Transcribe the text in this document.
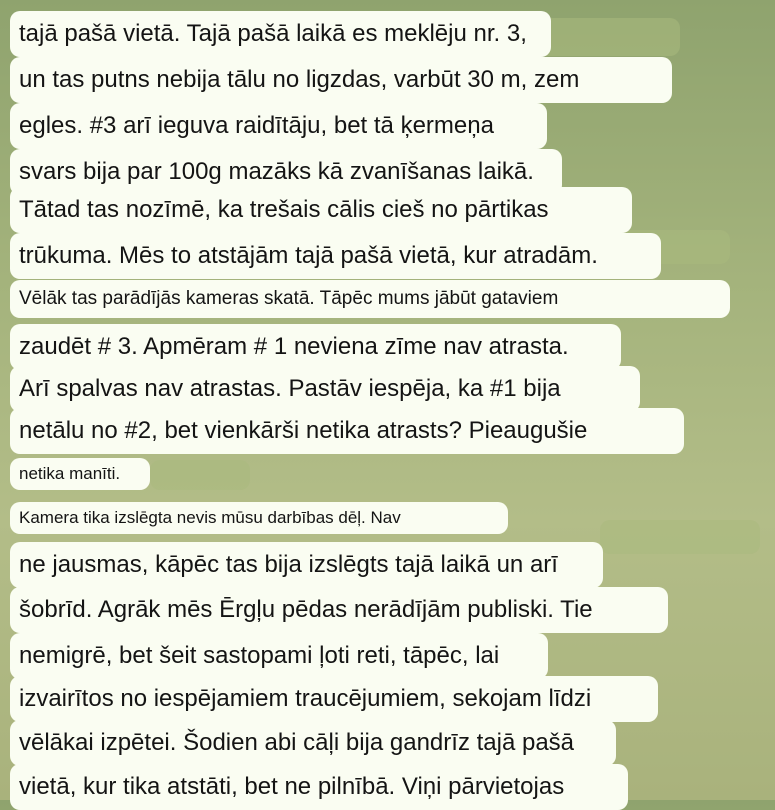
tajā pašā vietā. Tajā pašā laikā es meklēju nr. 3,
un tas putns nebija tālu no ligzdas, varbūt 30 m, zem
egles. #3 arī ieguva raidītāju, bet tā ķermeņa
svars bija par 100g mazāks kā zvanīšanas laikā.
Tātad tas nozīmē, ka trešais cālis cieš no pārtikas
trūkuma. Mēs to atstājām tajā pašā vietā, kur atradām.
Vēlāk tas parādījās kameras skatā. Tāpēc mums jābūt gataviem
zaudēt # 3. Apmēram # 1 neviena zīme nav atrasta.
Arī spalvas nav atrastas. Pastāv iespēja, ka #1 bija
netālu no #2, bet vienkārši netika atrasts? Pieaugušie
netika manīti.
Kamera tika izslēgta nevis mūsu darbības dēļ. Nav
ne jausmas, kāpēc tas bija izslēgts tajā laikā un arī
šobrīd. Agrāk mēs Ērgļu pēdas nerādījām publiski. Tie
nemigrē, bet šeit sastopami ļoti reti, tāpēc, lai
izvairītos no iespējamiem traucējumiem, sekojam līdzi
vēlākai izpētei. Šodien abi cāļi bija gandrīz tajā pašā
vietā, kur tika atstāti, bet ne pilnībā. Viņi pārvietojas
